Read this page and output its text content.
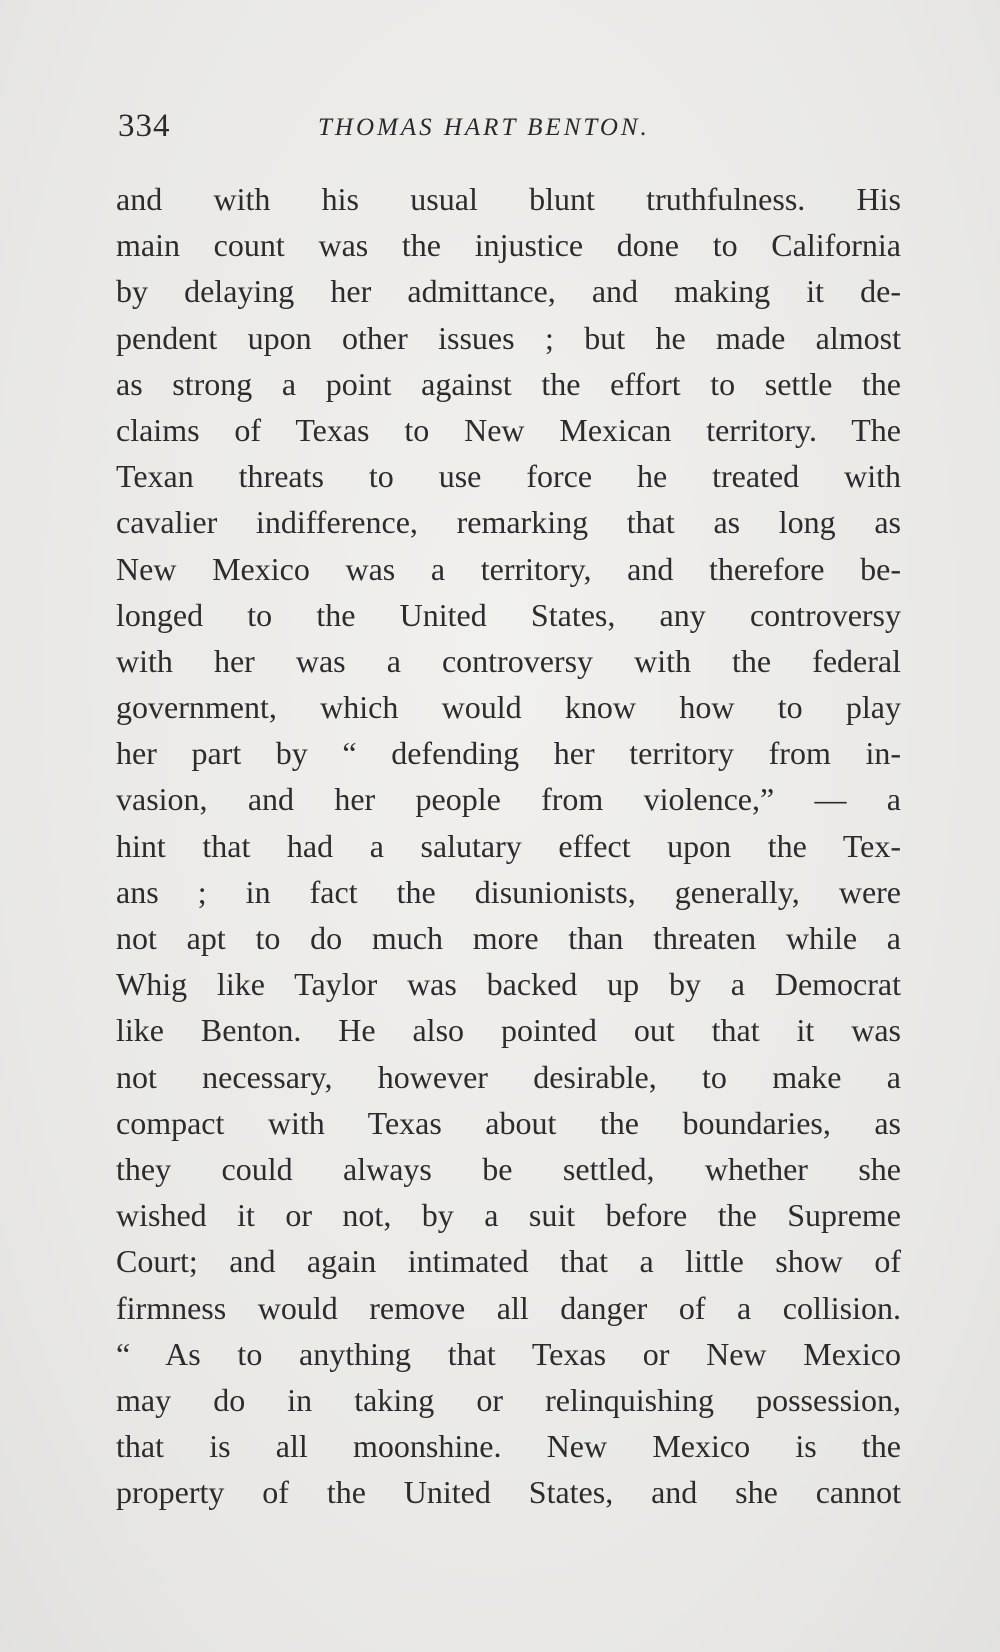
334	THOMAS HART BENTON.
and with his usual blunt truthfulness. His
main count was the injustice done to California
by delaying her admittance, and making it de-
pendent upon other issues ; but he made almost
as strong a point against the effort to settle the
claims of Texas to New Mexican territory. The
Texan threats to use force he treated with
cavalier indifference, remarking that as long as
New Mexico was a territory, and therefore be-
longed to the United States, any controversy
with her was a controversy with the federal
government, which would know how to play
her part by “ defending her territory from in-
vasion, and her people from violence,” — a
hint that had a salutary effect upon the Tex-
ans ; in fact the disunionists, generally, were
not apt to do much more than threaten while a
Whig like Taylor was backed up by a Democrat
like Benton. He also pointed out that it was
not necessary, however desirable, to make a
compact with Texas about the boundaries, as
they could always be settled, whether she
wished it or not, by a suit before the Supreme
Court; and again intimated that a little show of
firmness would remove all danger of a collision.
“ As to anything that Texas or New Mexico
may do in taking or relinquishing possession,
that is all moonshine. New Mexico is the
property of the United States, and she cannot
